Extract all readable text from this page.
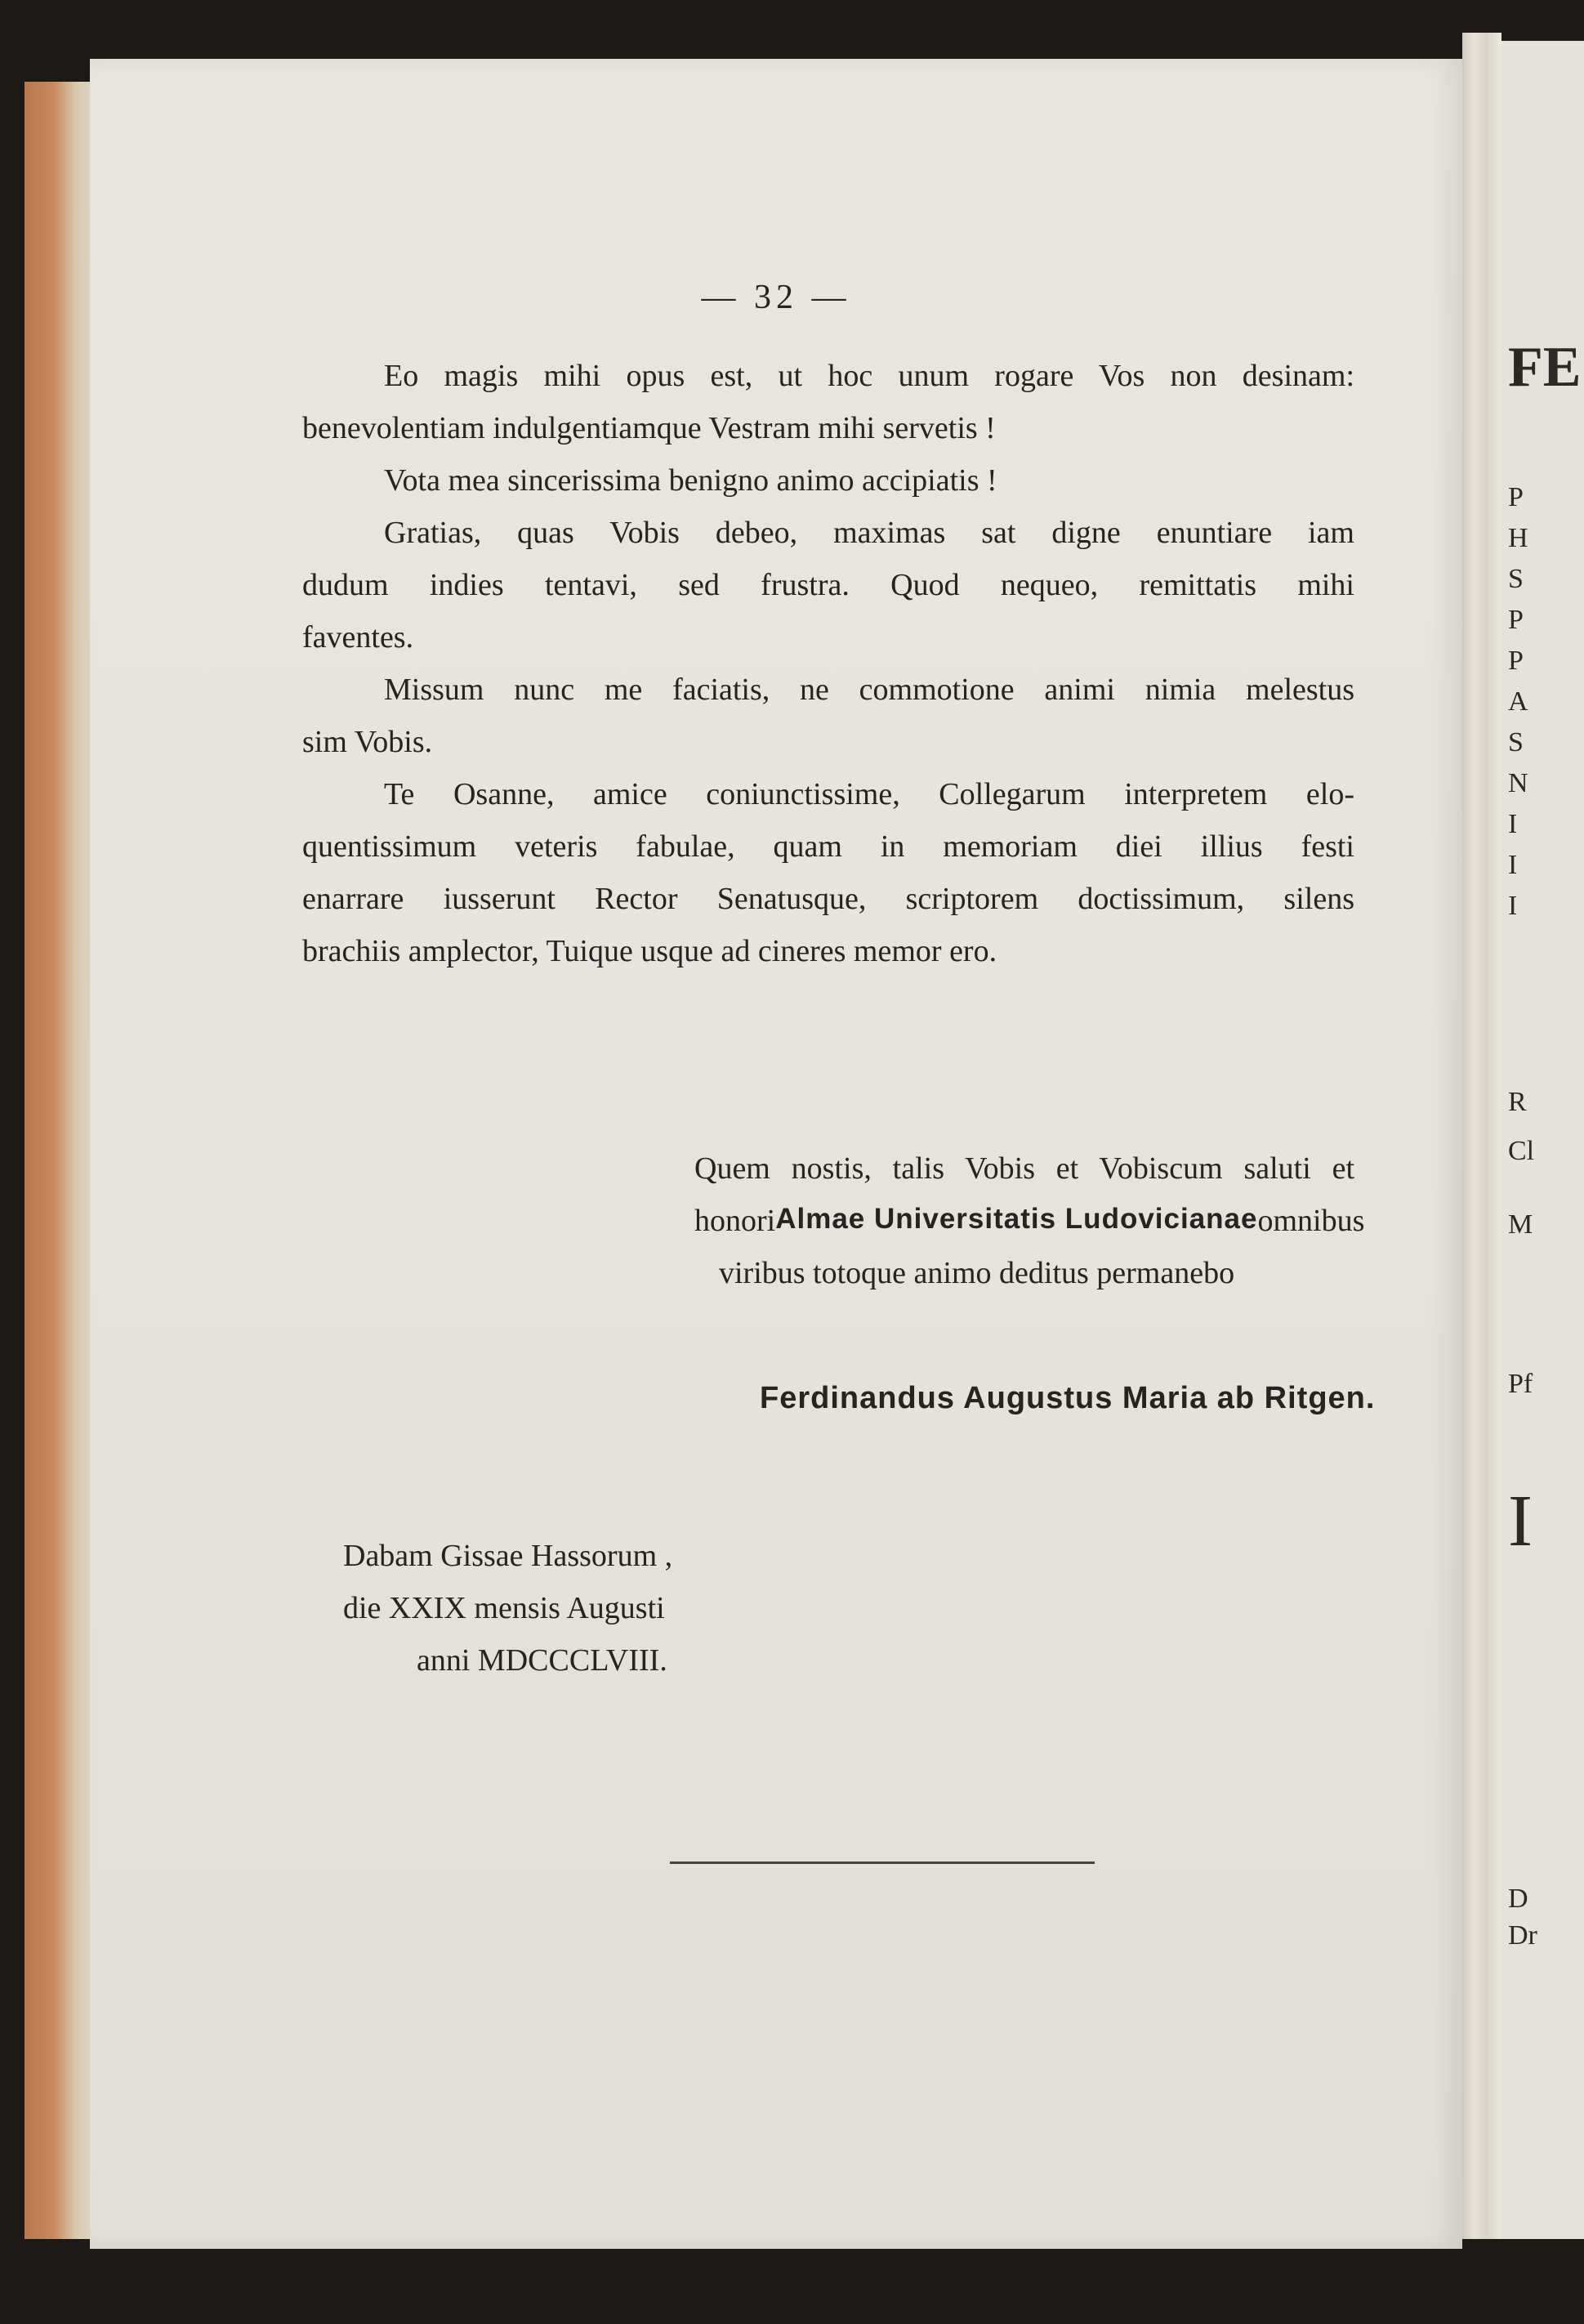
— 32 —
Eo magis mihi opus est, ut hoc unum rogare Vos non desinam:
benevolentiam indulgentiamque Vestram mihi servetis !
Vota mea sincerissima benigno animo accipiatis !
Gratias, quas Vobis debeo, maximas sat digne enuntiare iam
dudum indies tentavi, sed frustra. Quod nequeo, remittatis mihi
faventes.
Missum nunc me faciatis, ne commotione animi nimia melestus
sim Vobis.
Te Osanne, amice coniunctissime, Collegarum interpretem elo-
quentissimum veteris fabulae, quam in memoriam diei illius festi
enarrare iusserunt Rector Senatusque, scriptorem doctissimum, silens
brachiis amplector, Tuique usque ad cineres memor ero.
Quem nostis, talis Vobis et Vobiscum saluti et
honori Almae Universitatis Ludovicianae omnibus
viribus totoque animo deditus permanebo
Ferdinandus Augustus Maria ab Ritgen.
Dabam Gissae Hassorum ,
die XXIX mensis Augusti
anni MDCCCLVIII.
FE
P
H
S
P
P
A
S
N
I
I
I
R
Cl
M
Pf
I
D
Dr
